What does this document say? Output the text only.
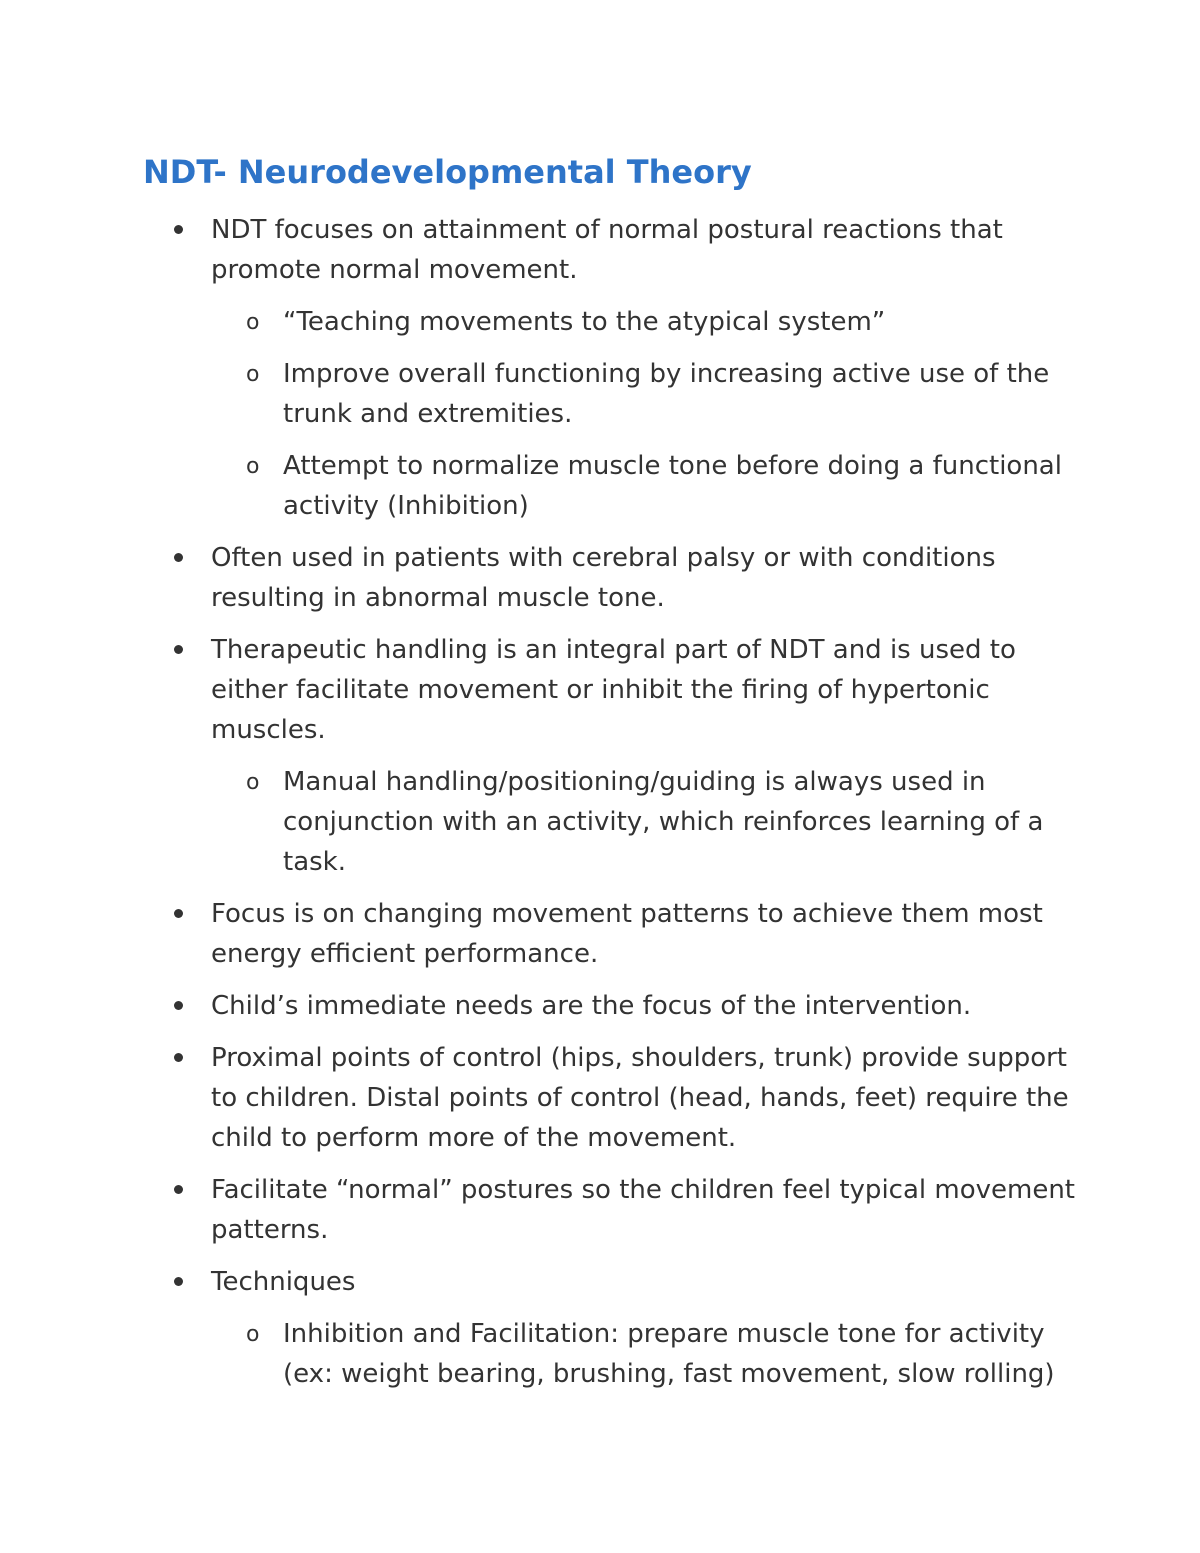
NDT- Neurodevelopmental Theory
NDT focuses on attainment of normal postural reactions that promote normal movement.
o “Teaching movements to the atypical system”
o Improve overall functioning by increasing active use of the trunk and extremities.
o Attempt to normalize muscle tone before doing a functional activity (Inhibition)
Often used in patients with cerebral palsy or with conditions resulting in abnormal muscle tone.
Therapeutic handling is an integral part of NDT and is used to either facilitate movement or inhibit the firing of hypertonic muscles.
o Manual handling/positioning/guiding is always used in conjunction with an activity, which reinforces learning of a task.
Focus is on changing movement patterns to achieve them most energy efficient performance.
Child’s immediate needs are the focus of the intervention.
Proximal points of control (hips, shoulders, trunk) provide support to children. Distal points of control (head, hands, feet) require the child to perform more of the movement.
Facilitate “normal” postures so the children feel typical movement patterns.
Techniques
o Inhibition and Facilitation: prepare muscle tone for activity (ex: weight bearing, brushing, fast movement, slow rolling)
